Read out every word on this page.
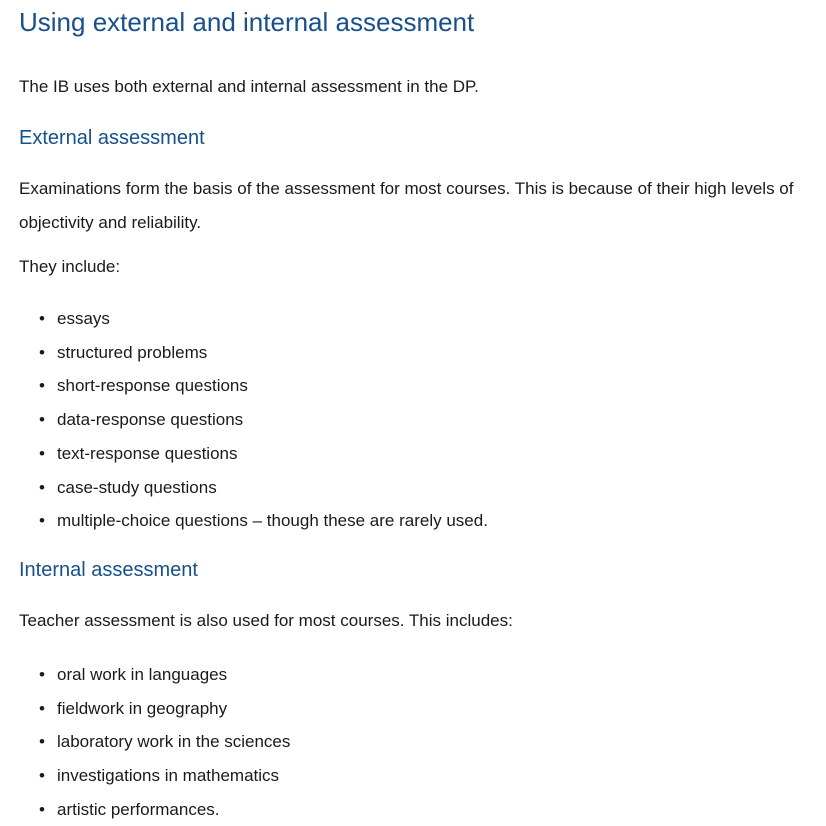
Using external and internal assessment

The IB uses both external and internal assessment in the DP.

External assessment

Examinations form the basis of the assessment for most courses. This is because of their high levels of objectivity and reliability.

They include:

• essays
• structured problems
• short-response questions
• data-response questions
• text-response questions
• case-study questions
• multiple-choice questions – though these are rarely used.
Internal assessment

Teacher assessment is also used for most courses. This includes:

• oral work in languages
• fieldwork in geography
• laboratory work in the sciences
• investigations in mathematics
• artistic performances.
